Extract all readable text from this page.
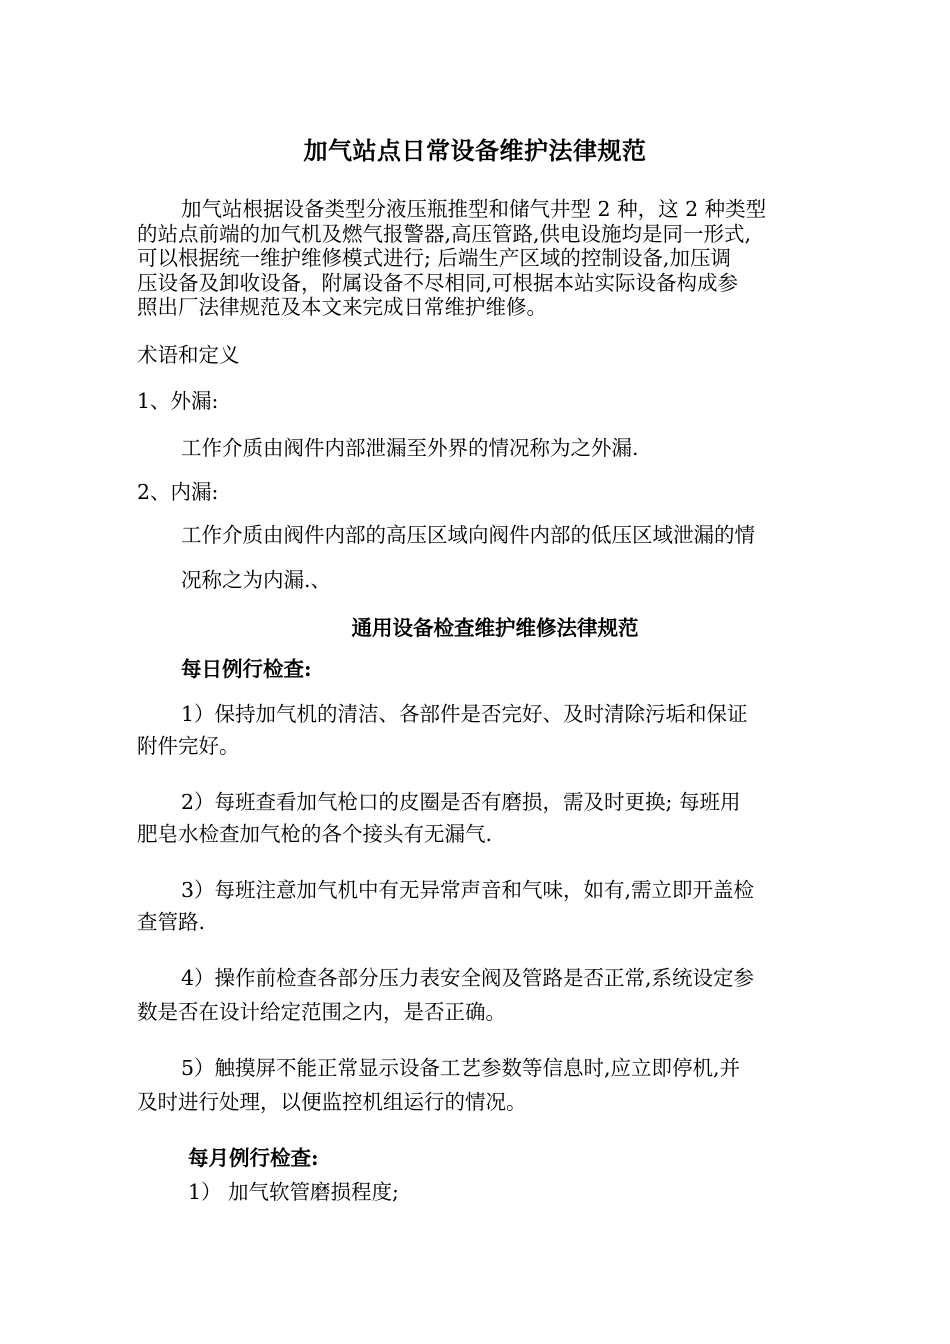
加气站点日常设备维护法律规范
加气站根据设备类型分液压瓶推型和储气井型 2 种，这 2 种类型
的站点前端的加气机及燃气报警器,高压管路,供电设施均是同一形式,
可以根据统一维护维修模式进行; 后端生产区域的控制设备,加压调
压设备及卸收设备，附属设备不尽相同,可根据本站实际设备构成参
照出厂法律规范及本文来完成日常维护维修。

术语和定义

1、外漏:

工作介质由阀件内部泄漏至外界的情况称为之外漏.

2、内漏:

工作介质由阀件内部的高压区域向阀件内部的低压区域泄漏的情

况称之为内漏.、

通用设备检查维护维修法律规范

每日例行检查:

1）保持加气机的清洁、各部件是否完好、及时清除污垢和保证

附件完好。

2）每班查看加气枪口的皮圈是否有磨损，需及时更换; 每班用

肥皂水检查加气枪的各个接头有无漏气.

3）每班注意加气机中有无异常声音和气味，如有,需立即开盖检

查管路.

4）操作前检查各部分压力表安全阀及管路是否正常,系统设定参

数是否在设计给定范围之内，是否正确。

5）触摸屏不能正常显示设备工艺参数等信息时,应立即停机,并

及时进行处理，以便监控机组运行的情况。

每月例行检查:

1） 加气软管磨损程度;
